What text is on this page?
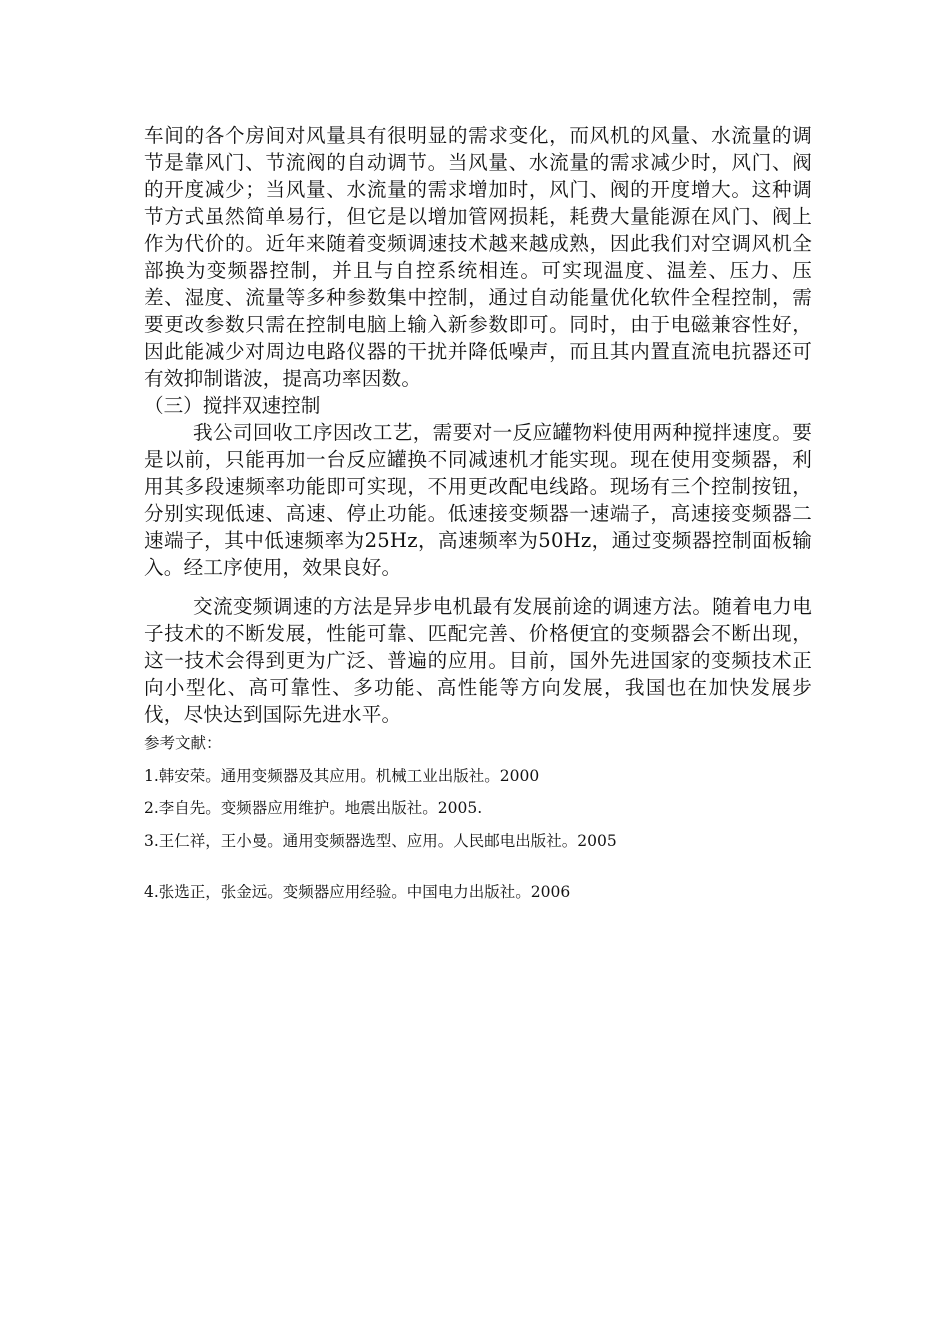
车间的各个房间对风量具有很明显的需求变化，而风机的风量、水流量的调节是靠风门、节流阀的自动调节。当风量、水流量的需求减少时，风门、阀的开度减少；当风量、水流量的需求增加时，风门、阀的开度增大。这种调节方式虽然简单易行，但它是以增加管网损耗，耗费大量能源在风门、阀上作为代价的。近年来随着变频调速技术越来越成熟，因此我们对空调风机全部换为变频器控制，并且与自控系统相连。可实现温度、温差、压力、压差、湿度、流量等多种参数集中控制，通过自动能量优化软件全程控制，需要更改参数只需在控制电脑上输入新参数即可。同时，由于电磁兼容性好，因此能减少对周边电路仪器的干扰并降低噪声，而且其内置直流电抗器还可有效抑制谐波，提高功率因数。

（三）搅拌双速控制

我公司回收工序因改工艺，需要对一反应罐物料使用两种搅拌速度。要是以前，只能再加一台反应罐换不同减速机才能实现。现在使用变频器，利用其多段速频率功能即可实现，不用更改配电线路。现场有三个控制按钮，分别实现低速、高速、停止功能。低速接变频器一速端子，高速接变频器二速端子，其中低速频率为25Hz，高速频率为50Hz，通过变频器控制面板输入。经工序使用，效果良好。

交流变频调速的方法是异步电机最有发展前途的调速方法。随着电力电子技术的不断发展，性能可靠、匹配完善、价格便宜的变频器会不断出现，这一技术会得到更为广泛、普遍的应用。目前，国外先进国家的变频技术正向小型化、高可靠性、多功能、高性能等方向发展，我国也在加快发展步伐，尽快达到国际先进水平。

参考文献：

1.韩安荣。通用变频器及其应用。机械工业出版社。2000

2.李自先。变频器应用维护。地震出版社。2005.

3.王仁祥，王小曼。通用变频器选型、应用。人民邮电出版社。2005

4.张选正，张金远。变频器应用经验。中国电力出版社。2006
